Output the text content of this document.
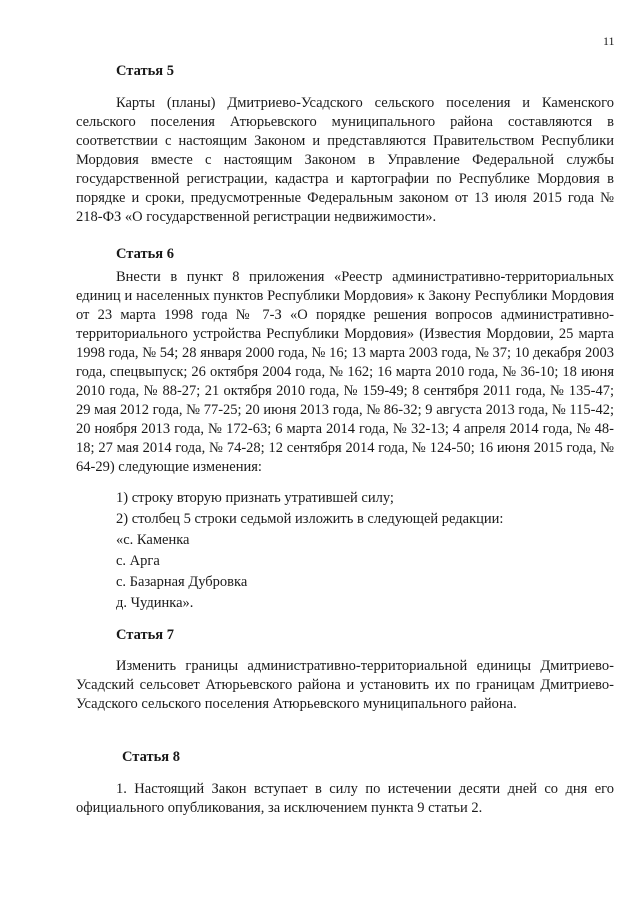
11
Статья 5

Карты (планы) Дмитриево-Усадского сельского поселения и Каменского сельского поселения Атюрьевского муниципального района составляются в соответствии с настоящим Законом и представляются Правительством Республики Мордовия вместе с настоящим Законом в Управление Федеральной службы государственной регистрации, кадастра и картографии по Республике Мордовия в порядке и сроки, предусмотренные Федеральным законом от 13 июля 2015 года № 218-ФЗ «О государственной регистрации недвижимости».

Статья 6

Внести в пункт 8 приложения «Реестр административно-территориальных единиц и населенных пунктов Республики Мордовия» к Закону Республики Мордовия от 23 марта 1998 года № 7-З «О порядке решения вопросов административно-территориального устройства Республики Мордовия» (Известия Мордовии, 25 марта 1998 года, № 54; 28 января 2000 года, № 16; 13 марта 2003 года, № 37; 10 декабря 2003 года, спецвыпуск; 26 октября 2004 года, № 162; 16 марта 2010 года, № 36-10; 18 июня 2010 года, № 88-27; 21 октября 2010 года, № 159-49; 8 сентября 2011 года, № 135-47; 29 мая 2012 года, № 77-25; 20 июня 2013 года, № 86-32; 9 августа 2013 года, № 115-42; 20 ноября 2013 года, № 172-63; 6 марта 2014 года, № 32-13; 4 апреля 2014 года, № 48-18; 27 мая 2014 года, № 74-28; 12 сентября 2014 года, № 124-50; 16 июня 2015 года, № 64-29) следующие изменения:

1) строку вторую признать утратившей силу;
2) столбец 5 строки седьмой изложить в следующей редакции:
«с. Каменка
с. Арга
с. Базарная Дубровка
д. Чудинка».
Статья 7

Изменить границы административно-территориальной единицы Дмитриево-Усадский сельсовет Атюрьевского района и установить их по границам Дмитриево-Усадского сельского поселения Атюрьевского муниципального района.

Статья 8

1. Настоящий Закон вступает в силу по истечении десяти дней со дня его официального опубликования, за исключением пункта 9 статьи 2.
